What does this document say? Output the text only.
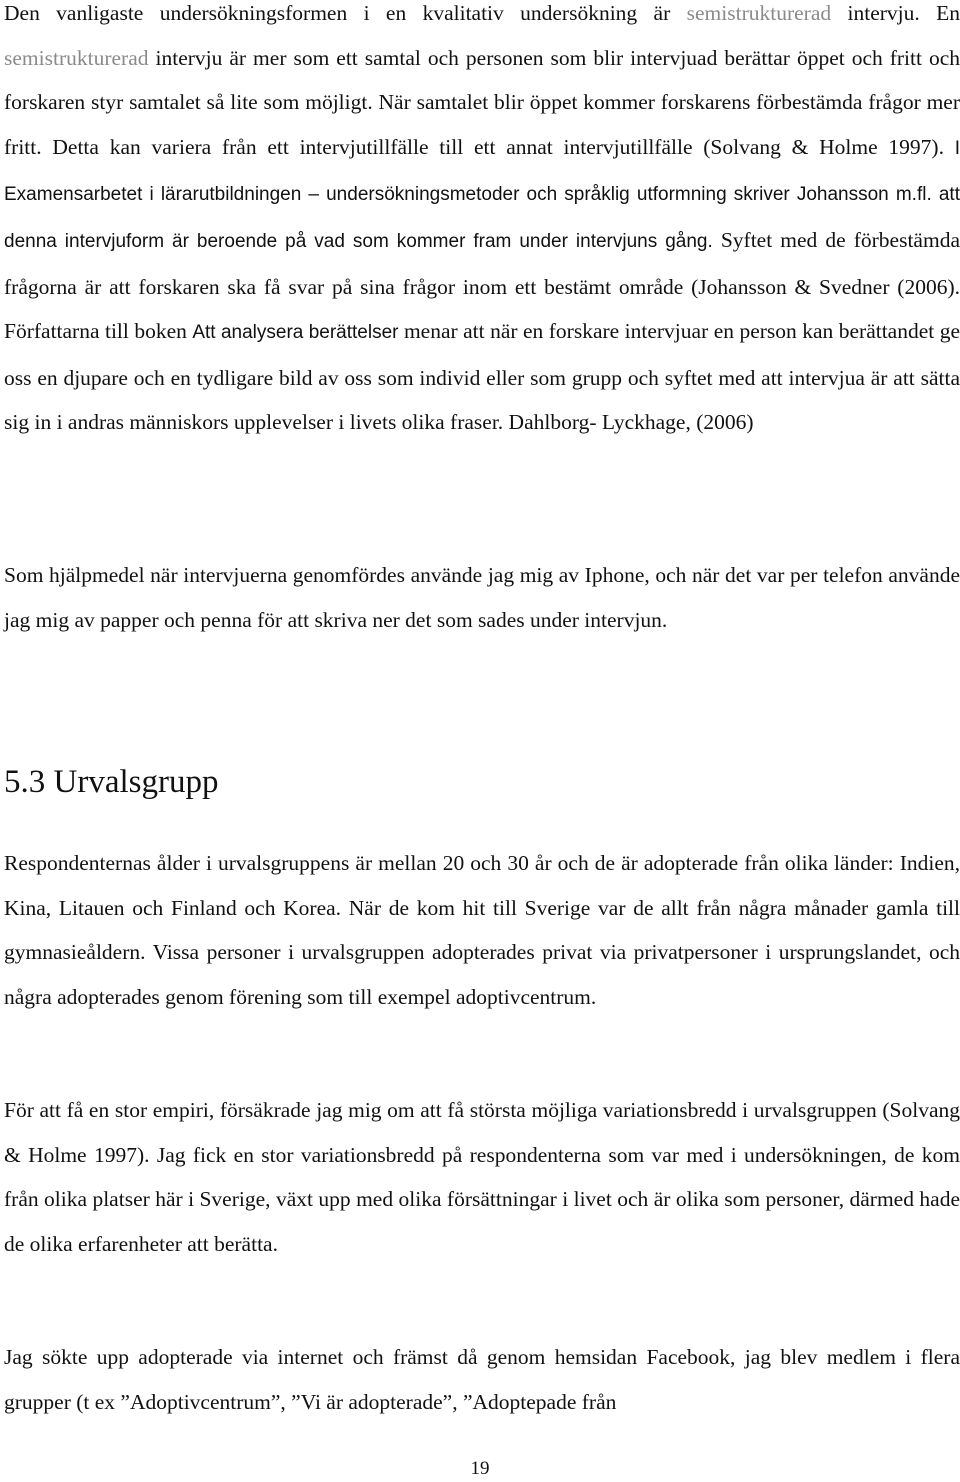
Den vanligaste undersökningsformen i en kvalitativ undersökning är semistrukturerad intervju. En semistrukturerad intervju är mer som ett samtal och personen som blir intervjuad berättar öppet och fritt och forskaren styr samtalet så lite som möjligt. När samtalet blir öppet kommer forskarens förbestämda frågor mer fritt. Detta kan variera från ett intervjutillfälle till ett annat intervjutillfälle (Solvang & Holme 1997). I Examensarbetet i lärarutbildningen – undersökningsmetoder och språklig utformning skriver Johansson m.fl. att denna intervjuform är beroende på vad som kommer fram under intervjuns gång. Syftet med de förbestämda frågorna är att forskaren ska få svar på sina frågor inom ett bestämt område (Johansson & Svedner (2006). Författarna till boken Att analysera berättelser menar att när en forskare intervjuar en person kan berättandet ge oss en djupare och en tydligare bild av oss som individ eller som grupp och syftet med att intervjua är att sätta sig in i andras människors upplevelser i livets olika fraser. Dahlborg- Lyckhage, (2006)

Som hjälpmedel när intervjuerna genomfördes använde jag mig av Iphone, och när det var per telefon använde jag mig av papper och penna för att skriva ner det som sades under intervjun.

5.3 Urvalsgrupp

Respondenternas ålder i urvalsgruppens är mellan 20 och 30 år och de är adopterade från olika länder: Indien, Kina, Litauen och Finland och Korea. När de kom hit till Sverige var de allt från några månader gamla till gymnasieåldern. Vissa personer i urvalsgruppen adopterades privat via privatpersoner i ursprungslandet, och några adopterades genom förening som till exempel adoptivcentrum.

För att få en stor empiri, försäkrade jag mig om att få största möjliga variationsbredd i urvalsgruppen (Solvang & Holme 1997). Jag fick en stor variationsbredd på respondenterna som var med i undersökningen, de kom från olika platser här i Sverige, växt upp med olika försättningar i livet och är olika som personer, därmed hade de olika erfarenheter att berätta.

Jag sökte upp adopterade via internet och främst då genom hemsidan Facebook, jag blev medlem i flera grupper (t ex ”Adoptivcentrum”, ”Vi är adopterade”, ”Adoptерade från

19
